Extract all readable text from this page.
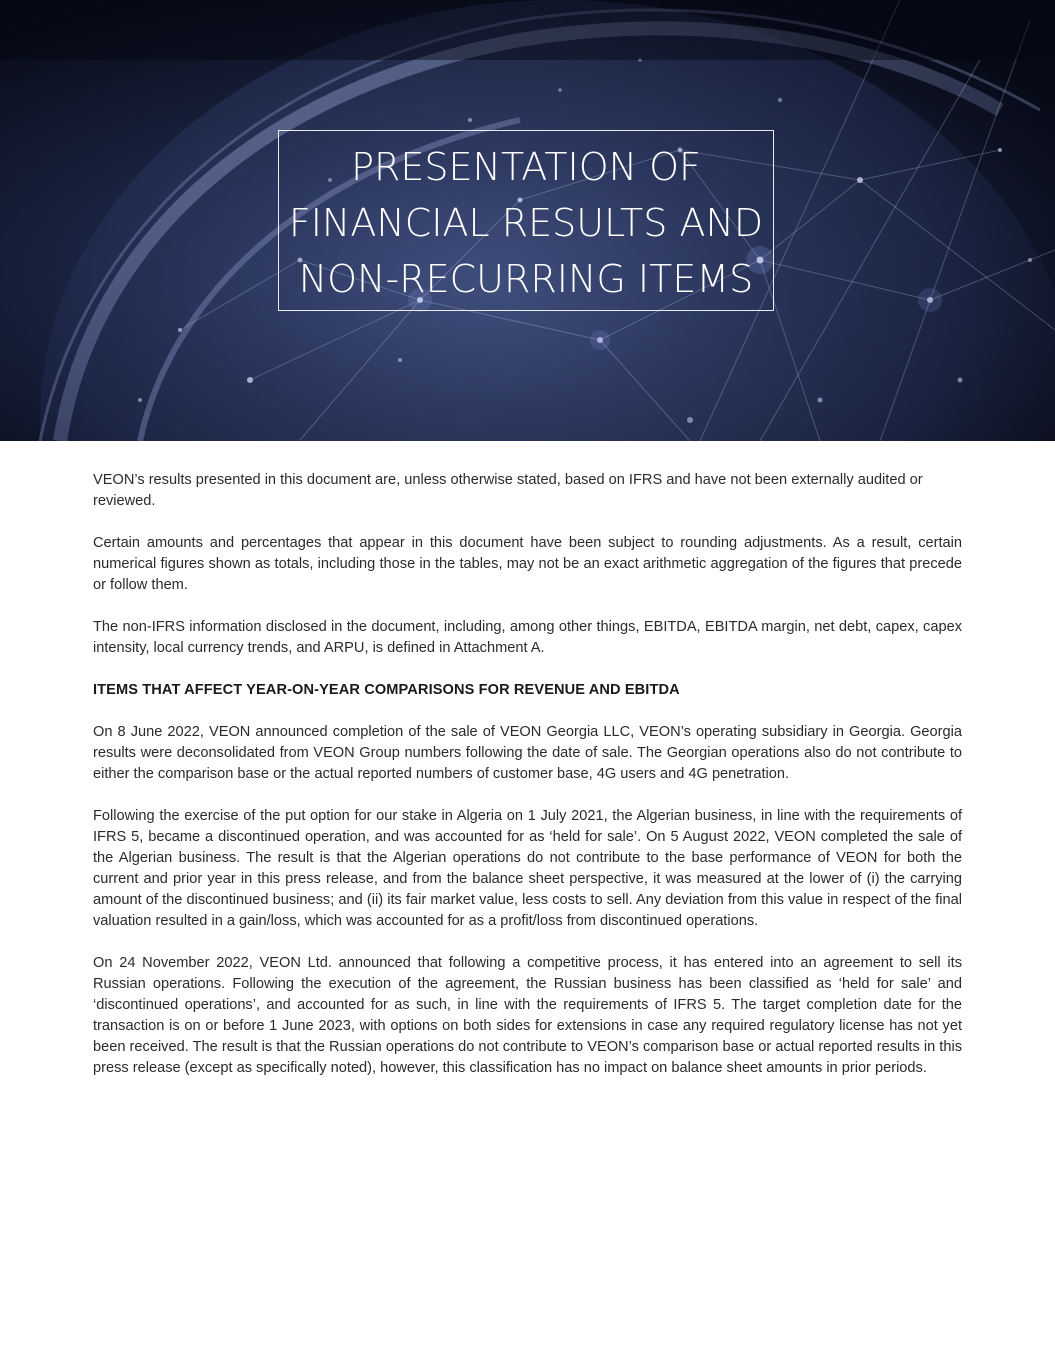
PRESENTATION OF
FINANCIAL RESULTS AND
NON-RECURRING ITEMS

VEON’s results presented in this document are, unless otherwise stated, based on IFRS and have not been externally audited or reviewed.

Certain amounts and percentages that appear in this document have been subject to rounding adjustments. As a result, certain numerical figures shown as totals, including those in the tables, may not be an exact arithmetic aggregation of the figures that precede or follow them.

The non-IFRS information disclosed in the document, including, among other things, EBITDA, EBITDA margin, net debt, capex, capex intensity, local currency trends, and ARPU, is defined in Attachment A.

ITEMS THAT AFFECT YEAR-ON-YEAR COMPARISONS FOR REVENUE AND EBITDA

On 8 June 2022, VEON announced completion of the sale of VEON Georgia LLC, VEON’s operating subsidiary in Georgia. Georgia results were deconsolidated from VEON Group numbers following the date of sale. The Georgian operations also do not contribute to either the comparison base or the actual reported numbers of customer base, 4G users and 4G penetration.

Following the exercise of the put option for our stake in Algeria on 1 July 2021, the Algerian business, in line with the requirements of IFRS 5, became a discontinued operation, and was accounted for as ‘held for sale’. On 5 August 2022, VEON completed the sale of the Algerian business. The result is that the Algerian operations do not contribute to the base performance of VEON for both the current and prior year in this press release, and from the balance sheet perspective, it was measured at the lower of (i) the carrying amount of the discontinued business; and (ii) its fair market value, less costs to sell. Any deviation from this value in respect of the final valuation resulted in a gain/loss, which was accounted for as a profit/loss from discontinued operations.

On 24 November 2022, VEON Ltd. announced that following a competitive process, it has entered into an agreement to sell its Russian operations. Following the execution of the agreement, the Russian business has been classified as ‘held for sale’ and ‘discontinued operations’, and accounted for as such, in line with the requirements of IFRS 5. The target completion date for the transaction is on or before 1 June 2023, with options on both sides for extensions in case any required regulatory license has not yet been received. The result is that the Russian operations do not contribute to VEON’s comparison base or actual reported results in this press release (except as specifically noted), however, this classification has no impact on balance sheet amounts in prior periods.
